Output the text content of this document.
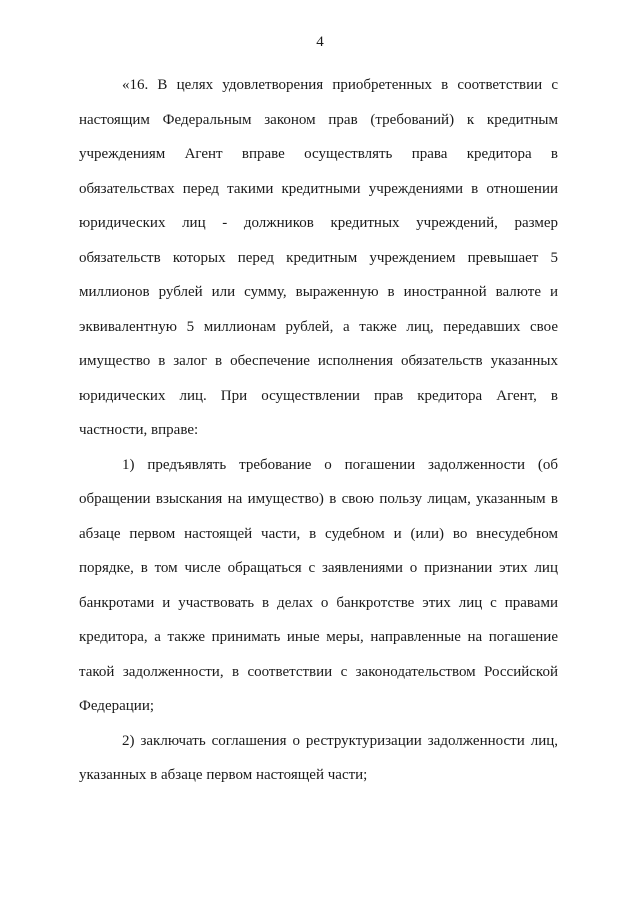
4

«16. В целях удовлетворения приобретенных в соответствии с настоящим Федеральным законом прав (требований) к кредитным учреждениям Агент вправе осуществлять права кредитора в обязательствах перед такими кредитными учреждениями в отношении юридических лиц - должников кредитных учреждений, размер обязательств которых перед кредитным учреждением превышает 5 миллионов рублей или сумму, выраженную в иностранной валюте и эквивалентную 5 миллионам рублей, а также лиц, передавших свое имущество в залог в обеспечение исполнения обязательств указанных юридических лиц. При осуществлении прав кредитора Агент, в частности, вправе:

1) предъявлять требование о погашении задолженности (об обращении взыскания на имущество) в свою пользу лицам, указанным в абзаце первом настоящей части, в судебном и (или) во внесудебном порядке, в том числе обращаться с заявлениями о признании этих лиц банкротами и участвовать в делах о банкротстве этих лиц с правами кредитора, а также принимать иные меры, направленные на погашение такой задолженности, в соответствии с законодательством Российской Федерации;

2) заключать соглашения о реструктуризации задолженности лиц, указанных в абзаце первом настоящей части;
